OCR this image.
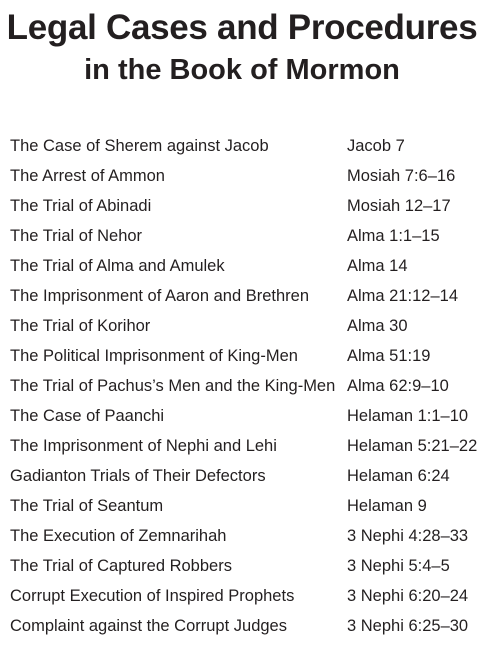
Legal Cases and Procedures
in the Book of Mormon
The Case of Sherem against Jacob	Jacob 7
The Arrest of Ammon	Mosiah 7:6–16
The Trial of Abinadi	Mosiah 12–17
The Trial of Nehor	Alma 1:1–15
The Trial of Alma and Amulek	Alma 14
The Imprisonment of Aaron and Brethren Alma 21:12–14
The Trial of Korihor	Alma 30
The Political Imprisonment of King-Men	Alma 51:19
The Trial of Pachus’s Men and the King-Men Alma 62:9–10
The Case of Paanchi	Helaman 1:1–10
The Imprisonment of Nephi and Lehi	Helaman 5:21–22
Gadianton Trials of Their Defectors	Helaman 6:24
The Trial of Seantum	Helaman 9
The Execution of Zemnarihah	3 Nephi 4:28–33
The Trial of Captured Robbers	3 Nephi 5:4–5
Corrupt Execution of Inspired Prophets	3 Nephi 6:20–24
Complaint against the Corrupt Judges	3 Nephi 6:25–30
